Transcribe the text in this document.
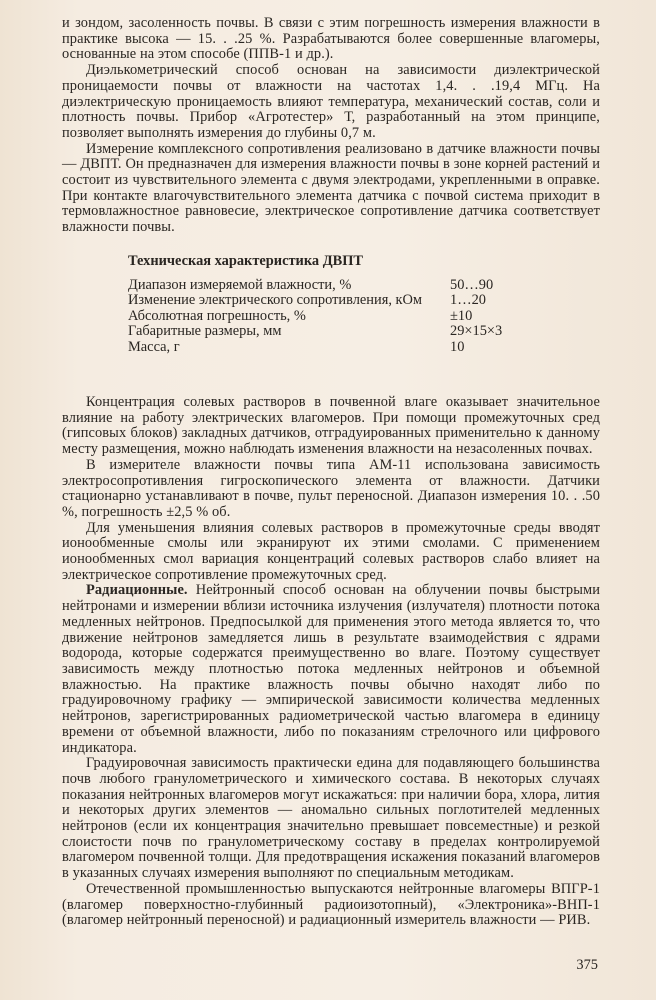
и зондом, засоленность почвы. В связи с этим погрешность измерения влажности в практике высока — 15. . .25 %. Разрабатываются более совершенные влагомеры, основанные на этом способе (ППВ-1 и др.).

Диэлькометрический способ основан на зависимости диэлектрической проницаемости почвы от влажности на частотах 1,4. . .19,4 МГц. На диэлектрическую проницаемость влияют температура, механический состав, соли и плотность почвы. Прибор «Агротестер» Т, разработанный на этом принципе, позволяет выполнять измерения до глубины 0,7 м.

Измерение комплексного сопротивления реализовано в датчике влажности почвы — ДВПТ. Он предназначен для измерения влажности почвы в зоне корней растений и состоит из чувствительного элемента с двумя электродами, укрепленными в оправке. При контакте влагочувствительного элемента датчика с почвой система приходит в термовлажностное равновесие, электрическое сопротивление датчика соответствует влажности почвы.

Техническая характеристика ДВПТ
Диапазон измеряемой влажности, %	50…90
Изменение электрического сопротивления, кОм	1…20
Абсолютная погрешность, %	±10
Габаритные размеры, мм	29×15×3
Масса, г	10

Концентрация солевых растворов в почвенной влаге оказывает значительное влияние на работу электрических влагомеров. При помощи промежуточных сред (гипсовых блоков) закладных датчиков, отградуированных применительно к данному месту размещения, можно наблюдать изменения влажности на незасоленных почвах.

В измерителе влажности почвы типа АМ-11 использована зависимость электросопротивления гигроскопического элемента от влажности. Датчики стационарно устанавливают в почве, пульт переносной. Диапазон измерения 10. . .50 %, погрешность ±2,5 % об.

Для уменьшения влияния солевых растворов в промежуточные среды вводят ионообменные смолы или экранируют их этими смолами. С применением ионообменных смол вариация концентраций солевых растворов слабо влияет на электрическое сопротивление промежуточных сред.

Радиационные. Нейтронный способ основан на облучении почвы быстрыми нейтронами и измерении вблизи источника излучения (излучателя) плотности потока медленных нейтронов. Предпосылкой для применения этого метода является то, что движение нейтронов замедляется лишь в результате взаимодействия с ядрами водорода, которые содержатся преимущественно во влаге. Поэтому существует зависимость между плотностью потока медленных нейтронов и объемной влажностью. На практике влажность почвы обычно находят либо по градуировочному графику — эмпирической зависимости количества медленных нейтронов, зарегистрированных радиометрической частью влагомера в единицу времени от объемной влажности, либо по показаниям стрелочного или цифрового индикатора.

Градуировочная зависимость практически едина для подавляющего большинства почв любого гранулометрического и химического состава. В некоторых случаях показания нейтронных влагомеров могут искажаться: при наличии бора, хлора, лития и некоторых других элементов — аномально сильных поглотителей медленных нейтронов (если их концентрация значительно превышает повсеместные) и резкой слоистости почв по гранулометрическому составу в пределах контролируемой влагомером почвенной толщи. Для предотвращения искажения показаний влагомеров в указанных случаях измерения выполняют по специальным методикам.

Отечественной промышленностью выпускаются нейтронные влагомеры ВПГР-1 (влагомер поверхностно-глубинный радиоизотопный), «Электроника»-ВНП-1 (влагомер нейтронный переносной) и радиационный измеритель влажности — РИВ.

375
